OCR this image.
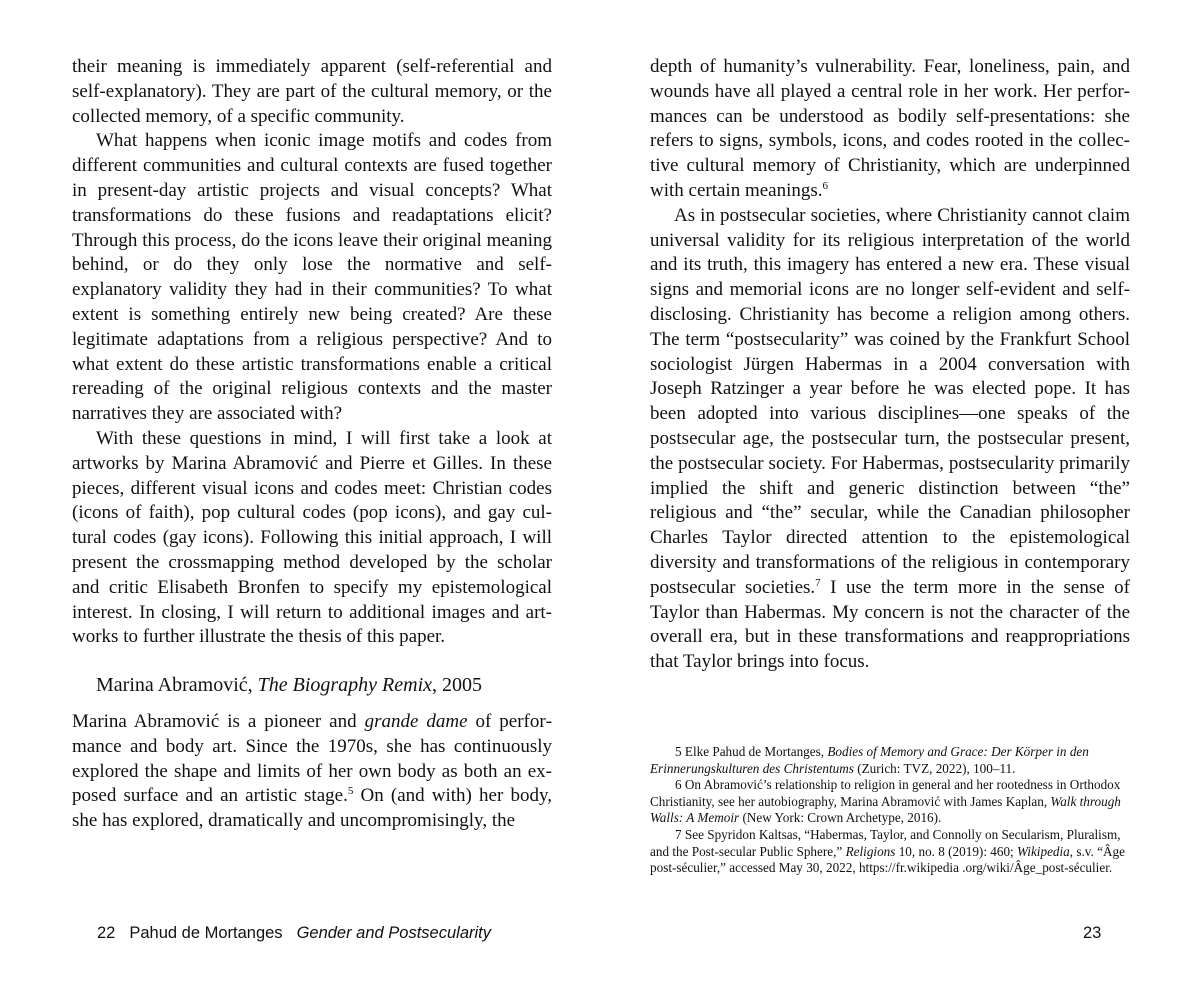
their meaning is immediately apparent (self-referential and self-explanatory). They are part of the cultural memory, or the collected memory, of a specific community.

What happens when iconic image motifs and codes from different communities and cultural contexts are fused together in present-day artistic projects and visual concepts? What transformations do these fusions and readaptations elicit? Through this process, do the icons leave their original meaning behind, or do they only lose the normative and self-explanatory validity they had in their communities? To what extent is something entirely new being created? Are these legitimate adaptations from a religious perspective? And to what extent do these artistic transformations enable a critical rereading of the original religious contexts and the master narratives they are associated with?

With these questions in mind, I will first take a look at artworks by Marina Abramović and Pierre et Gilles. In these pieces, different visual icons and codes meet: Christian codes (icons of faith), pop cultural codes (pop icons), and gay cultural codes (gay icons). Following this initial approach, I will present the crossmapping method developed by the scholar and critic Elisabeth Bronfen to specify my epistemological interest. In closing, I will return to additional images and artworks to further illustrate the thesis of this paper.

Marina Abramović, The Biography Remix, 2005

Marina Abramović is a pioneer and grande dame of performance and body art. Since the 1970s, she has continuously explored the shape and limits of her own body as both an exposed surface and an artistic stage.$^5$ On (and with) her body, she has explored, dramatically and uncompromisingly, the

22 Pahud de Mortanges Gender and Postsecularity

depth of humanity’s vulnerability. Fear, loneliness, pain, and wounds have all played a central role in her work. Her performances can be understood as bodily self-presentations: she refers to signs, symbols, icons, and codes rooted in the collective cultural memory of Christianity, which are underpinned with certain meanings.$^6$

As in postsecular societies, where Christianity cannot claim universal validity for its religious interpretation of the world and its truth, this imagery has entered a new era. These visual signs and memorial icons are no longer self-evident and self-disclosing. Christianity has become a religion among others. The term “postsecularity” was coined by the Frankfurt School sociologist Jürgen Habermas in a 2004 conversation with Joseph Ratzinger a year before he was elected pope. It has been adopted into various disciplines—one speaks of the postsecular age, the postsecular turn, the postsecular present, the postsecular society. For Habermas, postsecularity primarily implied the shift and generic distinction between “the” religious and “the” secular, while the Canadian philosopher Charles Taylor directed attention to the epistemological diversity and transformations of the religious in contemporary postsecular societies.$^7$ I use the term more in the sense of Taylor than Habermas. My concern is not the character of the overall era, but in these transformations and reappropriations that Taylor brings into focus.

5 Elke Pahud de Mortanges, Bodies of Memory and Grace: Der Körper in den Erinnerungskulturen des Christentums (Zurich: TVZ, 2022), 100–11.

6 On Abramović’s relationship to religion in general and her rootedness in Orthodox Christianity, see her autobiography, Marina Abramović with James Kaplan, Walk through Walls: A Memoir (New York: Crown Archetype, 2016).

7 See Spyridon Kaltsas, “Habermas, Taylor, and Connolly on Secularism, Pluralism, and the Post-secular Public Sphere,” Religions 10, no. 8 (2019): 460; Wikipedia, s.v. “Âge post-séculier,” accessed May 30, 2022, https://fr.wikipedia .org/wiki/Âge_post-séculier.

23
